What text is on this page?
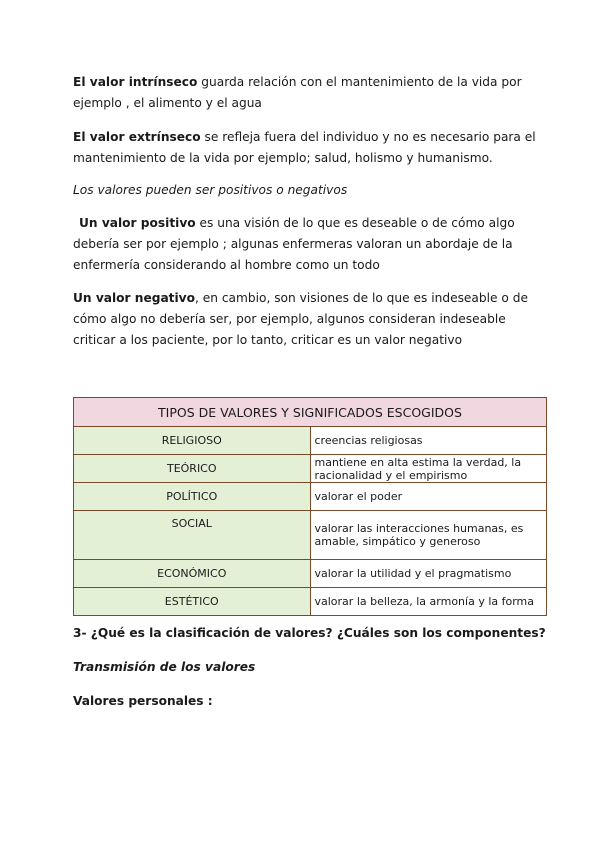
El valor intrínseco guarda relación con el mantenimiento de la vida por ejemplo , el alimento y el agua

El valor extrínseco se refleja fuera del individuo y no es necesario para el mantenimiento de la vida por ejemplo; salud, holismo y humanismo.

Los valores pueden ser positivos o negativos

Un valor positivo es una visión de lo que es deseable o de cómo algo debería ser por ejemplo ; algunas enfermeras valoran un abordaje de la enfermería considerando al hombre como un todo

Un valor negativo, en cambio, son visiones de lo que es indeseable o de cómo algo no debería ser, por ejemplo, algunos consideran indeseable criticar a los paciente, por lo tanto, criticar es un valor negativo

TIPOS DE VALORES Y SIGNIFICADOS ESCOGIDOS	
RELIGIOSO	creencias religiosas
TEÓRICO	mantiene en alta estima la verdad, la racionalidad y el empirismo
POLÍTICO	valorar el poder
SOCIAL	valorar las interacciones humanas, es amable, simpático y generoso
ECONÓMICO	valorar la utilidad y el pragmatismo
ESTÉTICO	valorar la belleza, la armonía y la forma

3- ¿Qué es la clasificación de valores? ¿Cuáles son los componentes?

Transmisión de los valores

Valores personales :
